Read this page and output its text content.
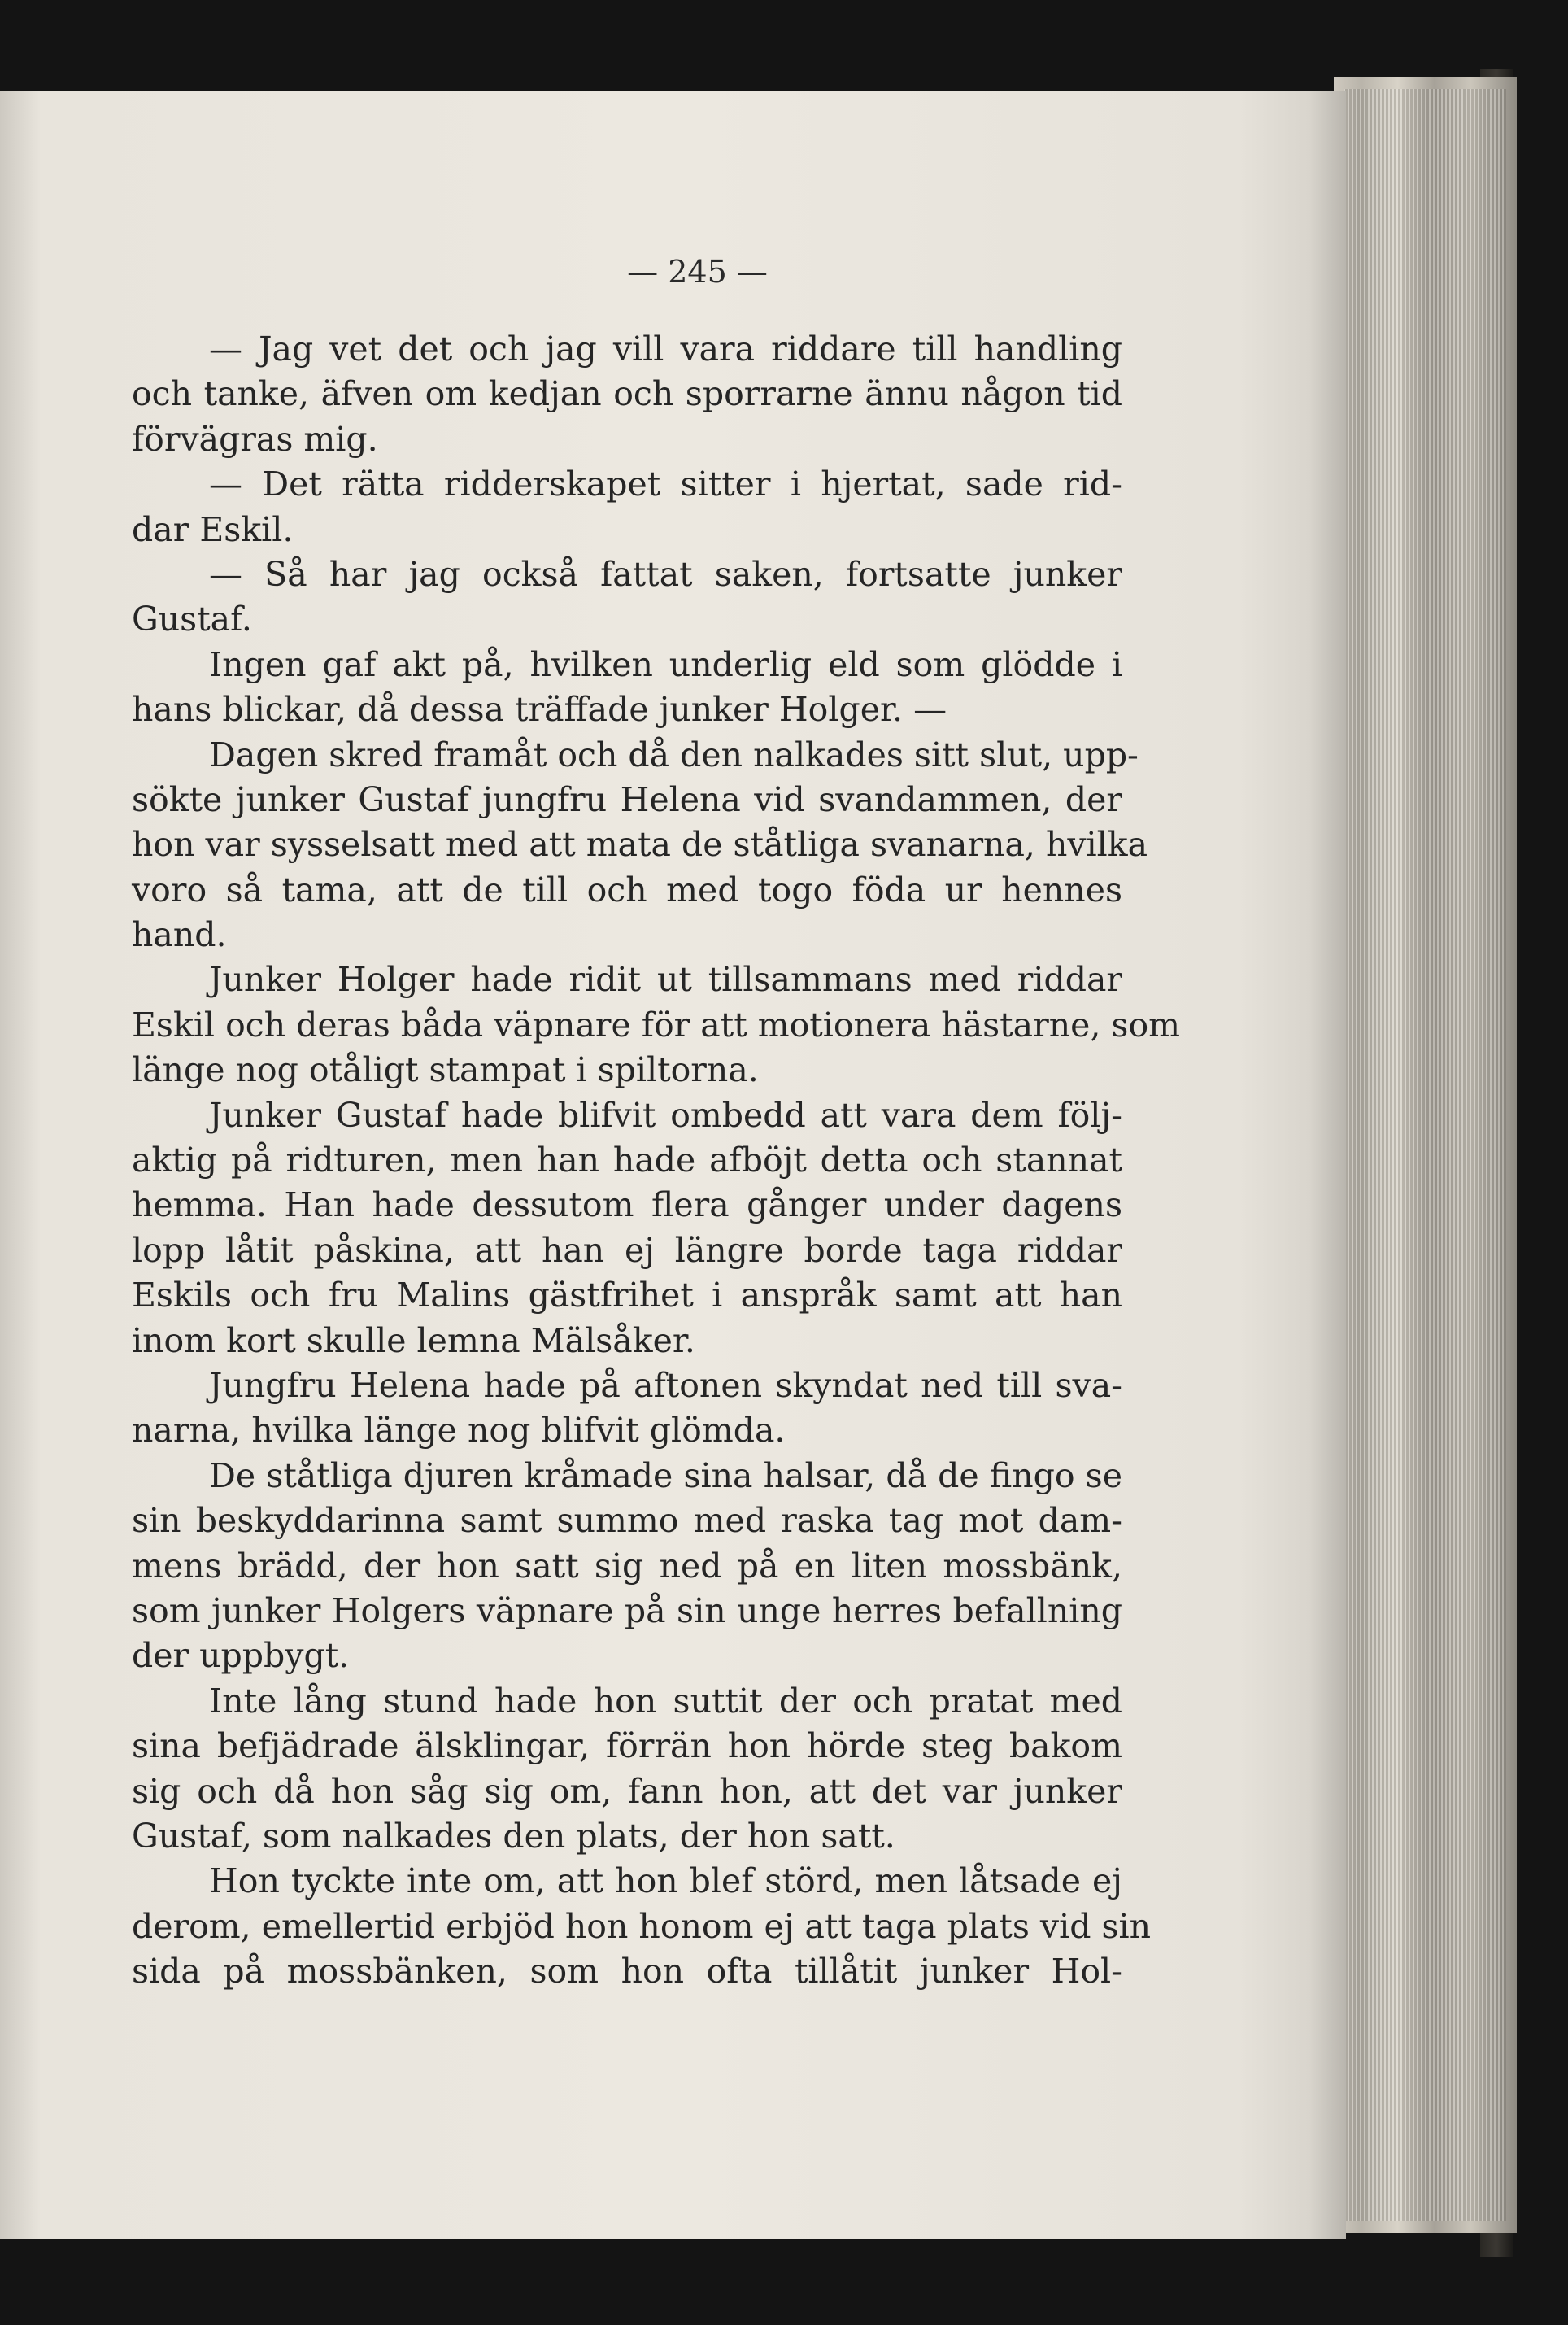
— 245 —
— Jag vet det och jag vill vara riddare till handling
och tanke, äfven om kedjan och sporrarne ännu någon tid
förvägras mig.
— Det rätta ridderskapet sitter i hjertat, sade rid-
dar Eskil.
— Så har jag också fattat saken, fortsatte junker
Gustaf.
Ingen gaf akt på, hvilken underlig eld som glödde i
hans blickar, då dessa träffade junker Holger. —
Dagen skred framåt och då den nalkades sitt slut, upp-
sökte junker Gustaf jungfru Helena vid svandammen, der
hon var sysselsatt med att mata de ståtliga svanarna, hvilka
voro så tama, att de till och med togo föda ur hennes
hand.
Junker Holger hade ridit ut tillsammans med riddar
Eskil och deras båda väpnare för att motionera hästarne, som
länge nog otåligt stampat i spiltorna.
Junker Gustaf hade blifvit ombedd att vara dem följ-
aktig på ridturen, men han hade afböjt detta och stannat
hemma. Han hade dessutom flera gånger under dagens
lopp låtit påskina, att han ej längre borde taga riddar
Eskils och fru Malins gästfrihet i anspråk samt att han
inom kort skulle lemna Mälsåker.
Jungfru Helena hade på aftonen skyndat ned till sva-
narna, hvilka länge nog blifvit glömda.
De ståtliga djuren kråmade sina halsar, då de fingo se
sin beskyddarinna samt summo med raska tag mot dam-
mens brädd, der hon satt sig ned på en liten mossbänk,
som junker Holgers väpnare på sin unge herres befallning
der uppbygt.
Inte lång stund hade hon suttit der och pratat med
sina befjädrade älsklingar, förrän hon hörde steg bakom
sig och då hon såg sig om, fann hon, att det var junker
Gustaf, som nalkades den plats, der hon satt.
Hon tyckte inte om, att hon blef störd, men låtsade ej
derom, emellertid erbjöd hon honom ej att taga plats vid sin
sida på mossbänken, som hon ofta tillåtit junker Hol-
